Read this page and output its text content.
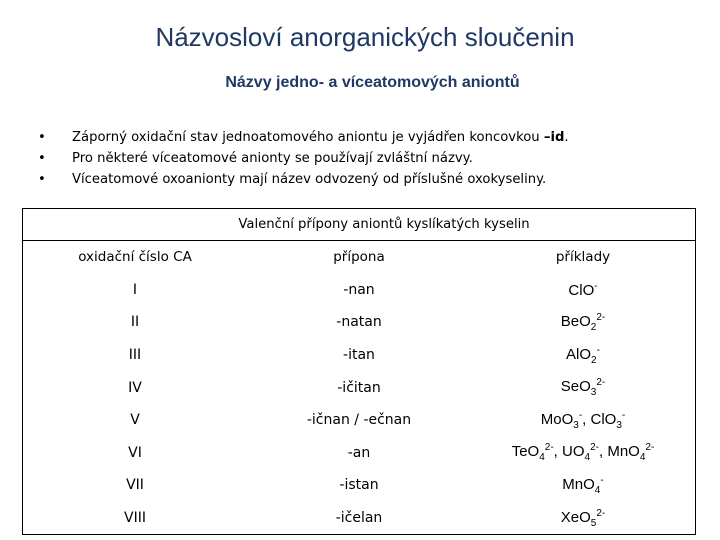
Názvosloví anorganických sloučenin
Názvy jedno- a víceatomových aniontů
• Záporný oxidační stav jednoatomového aniontu je vyjádřen koncovkou –id.
• Pro některé víceatomové anionty se používají zvláštní názvy.
• Víceatomové oxoanionty mají název odvozený od příslušné oxokyseliny.
Valenční přípony aniontů kyslíkatých kyselin
oxidační číslo CA	přípona	příklady
I	-nan	ClO-
II	-natan	BeO$_2^{2-}$
III	-itan	AlO$_2$-
IV	-ičitan	SeO$_3^{2-}$
V	-ičnan / -ečnan	MoO$_3$-, ClO$_3$-
VI	-an	TeO$_4^{2-}$, $UO_4^{2-}$, MnO$_4^{2-}$
VII	-istan	MnO$_4$-
VIII	-ičelan	XeO$_5^{2-}$
